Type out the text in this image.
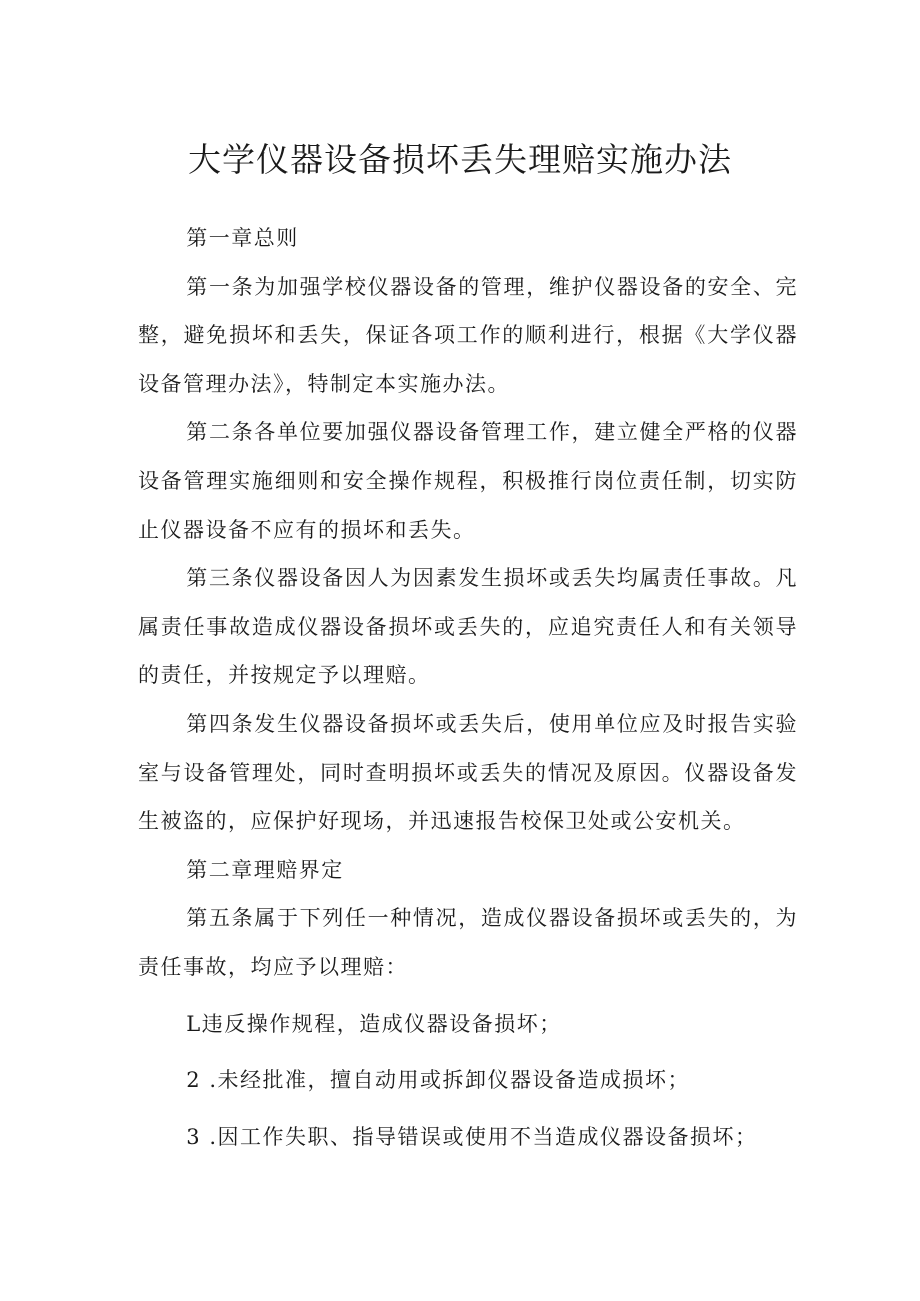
大学仪器设备损坏丢失理赔实施办法

第一章总则

第一条为加强学校仪器设备的管理，维护仪器设备的安全、完整，避免损坏和丢失，保证各项工作的顺利进行，根据《大学仪器设备管理办法》，特制定本实施办法。

第二条各单位要加强仪器设备管理工作，建立健全严格的仪器设备管理实施细则和安全操作规程，积极推行岗位责任制，切实防止仪器设备不应有的损坏和丢失。

第三条仪器设备因人为因素发生损坏或丢失均属责任事故。凡属责任事故造成仪器设备损坏或丢失的，应追究责任人和有关领导的责任，并按规定予以理赔。

第四条发生仪器设备损坏或丢失后，使用单位应及时报告实验室与设备管理处，同时查明损坏或丢失的情况及原因。仪器设备发生被盗的，应保护好现场，并迅速报告校保卫处或公安机关。

第二章理赔界定

第五条属于下列任一种情况，造成仪器设备损坏或丢失的，为责任事故，均应予以理赔：

L违反操作规程，造成仪器设备损坏；

2 .未经批准，擅自动用或拆卸仪器设备造成损坏；

3 .因工作失职、指导错误或使用不当造成仪器设备损坏；
